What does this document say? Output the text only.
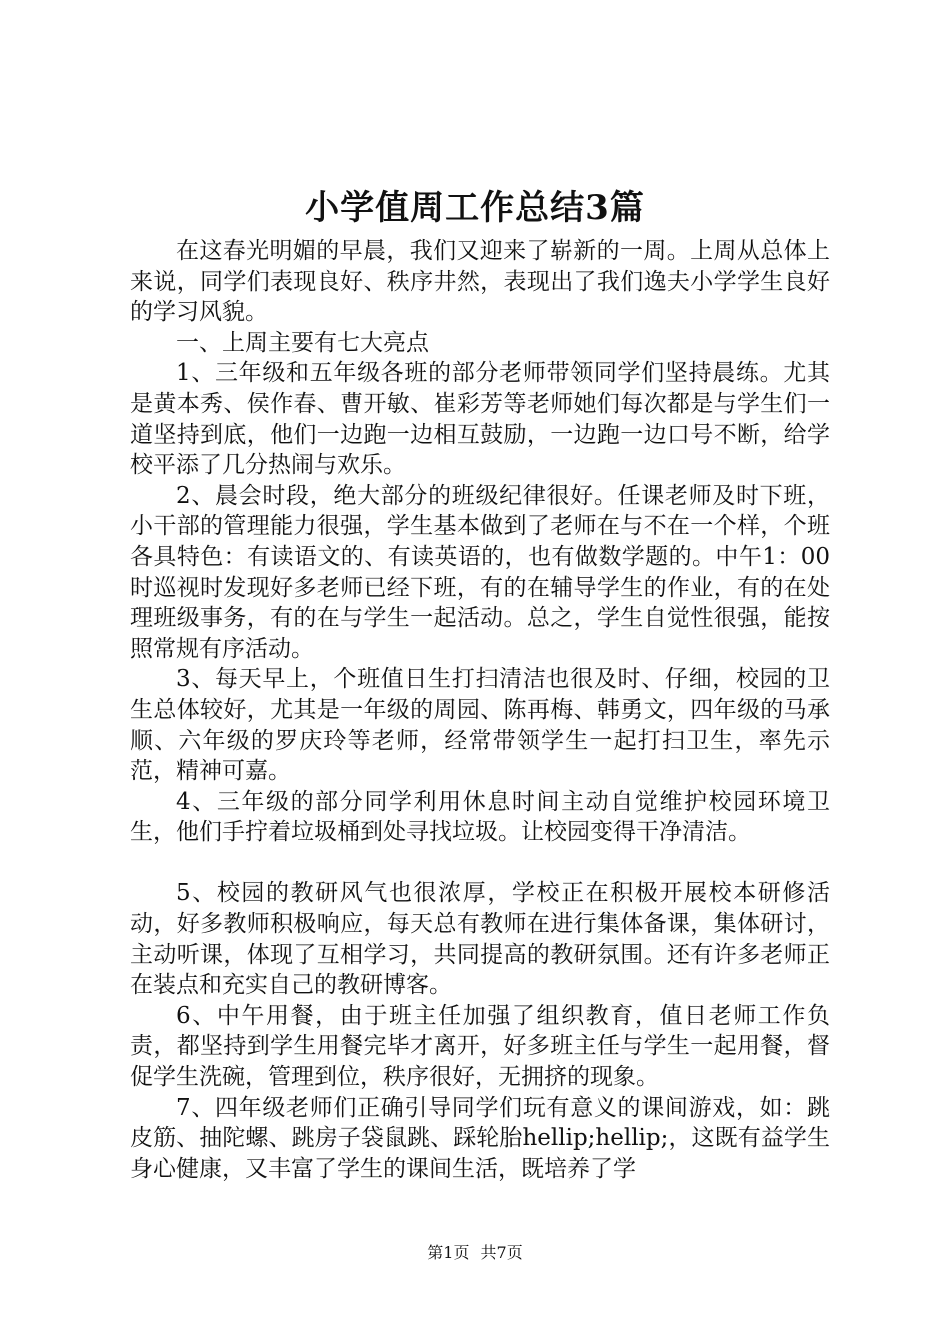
小学值周工作总结3篇

在这春光明媚的早晨，我们又迎来了崭新的一周。上周从总体上来说，同学们表现良好、秩序井然，表现出了我们逸夫小学学生良好的学习风貌。

一、上周主要有七大亮点

1、三年级和五年级各班的部分老师带领同学们坚持晨练。尤其是黄本秀、侯作春、曹开敏、崔彩芳等老师她们每次都是与学生们一道坚持到底，他们一边跑一边相互鼓励，一边跑一边口号不断，给学校平添了几分热闹与欢乐。

2、晨会时段，绝大部分的班级纪律很好。任课老师及时下班，小干部的管理能力很强，学生基本做到了老师在与不在一个样，个班各具特色：有读语文的、有读英语的，也有做数学题的。中午1：00时巡视时发现好多老师已经下班，有的在辅导学生的作业，有的在处理班级事务，有的在与学生一起活动。总之，学生自觉性很强，能按照常规有序活动。

3、每天早上，个班值日生打扫清洁也很及时、仔细，校园的卫生总体较好，尤其是一年级的周园、陈再梅、韩勇文，四年级的马承顺、六年级的罗庆玲等老师，经常带领学生一起打扫卫生，率先示范，精神可嘉。

4、三年级的部分同学利用休息时间主动自觉维护校园环境卫生，他们手拧着垃圾桶到处寻找垃圾。让校园变得干净清洁。

5、校园的教研风气也很浓厚，学校正在积极开展校本研修活动，好多教师积极响应，每天总有教师在进行集体备课，集体研讨，主动听课，体现了互相学习，共同提高的教研氛围。还有许多老师正在装点和充实自己的教研博客。

6、中午用餐，由于班主任加强了组织教育，值日老师工作负责，都坚持到学生用餐完毕才离开，好多班主任与学生一起用餐，督促学生洗碗，管理到位，秩序很好，无拥挤的现象。

7、四年级老师们正确引导同学们玩有意义的课间游戏，如：跳皮筋、抽陀螺、跳房子袋鼠跳、踩轮胎hellip;hellip;，这既有益学生身心健康，又丰富了学生的课间生活，既培养了学

第1页 共7页
